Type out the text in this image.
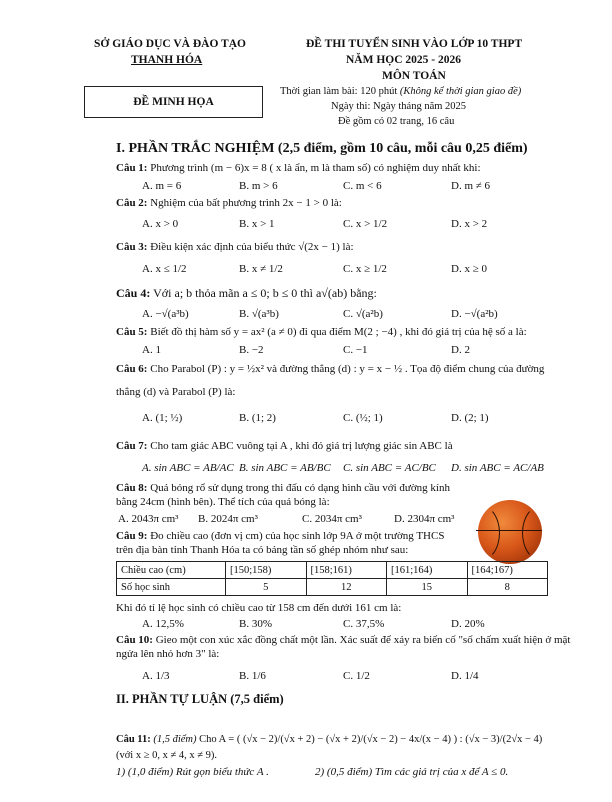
SỞ GIÁO DỤC VÀ ĐÀO TẠO
THANH HÓA
ĐỀ THI TUYỂN SINH VÀO LỚP 10 THPT
NĂM HỌC 2025 - 2026
MÔN TOÁN
Thời gian làm bài: 120 phút (Không kể thời gian giao đề)
Ngày thi: Ngày tháng năm 2025
Đề gồm có 02 trang, 16 câu
ĐỀ MINH HỌA
I. PHẦN TRẮC NGHIỆM (2,5 điểm, gồm 10 câu, mỗi câu 0,25 điểm)
Câu 1: Phương trình (m − 6)x = 8 ( x là ẩn, m là tham số) có nghiệm duy nhất khi:
A. m = 6	B. m > 6	C. m < 6	D. m ≠ 6
Câu 2: Nghiệm của bất phương trình 2x − 1 > 0 là:
A. x > 0	B. x > 1	C. x > 1/2	D. x > 2
Câu 3: Điều kiện xác định của biểu thức √(2x − 1) là:
A. x ≤ 1/2	B. x ≠ 1/2	C. x ≥ 1/2	D. x ≥ 0
Câu 4: Với a; b thỏa mãn a ≤ 0; b ≤ 0 thì a√(ab) bằng:
A. −√(a³b)	B. √(a³b)	C. √(a²b)	D. −√(a²b)
Câu 5: Biết đồ thị hàm số y = ax² (a ≠ 0) đi qua điểm M(2 ; −4) , khi đó giá trị của hệ số a là:
A. 1	B. −2	C. −1	D. 2
Câu 6: Cho Parabol (P) : y = ½x² và đường thẳng (d) : y = x − ½ . Tọa độ điểm chung của đường
thẳng (d) và Parabol (P) là:
A. (1; ½)	B. (1; 2)	C. (½; 1)	D. (2; 1)
Câu 7: Cho tam giác ABC vuông tại A , khi đó giá trị lượng giác sin ABC là
A. sin ABC = AB/AC B. sin ABC = AB/BC C. sin ABC = AC/BC D. sin ABC = AC/AB
Câu 8: Quả bóng rổ sử dụng trong thi đấu có dạng hình cầu với đường kính
bằng 24cm (hình bên). Thể tích của quả bóng là:
A. 2043π cm³ B. 2024π cm³	C. 2034π cm³	D. 2304π cm³
Câu 9: Đo chiều cao (đơn vị cm) của học sinh lớp 9A ở một trường THCS
trên địa bàn tỉnh Thanh Hóa ta có bảng tần số ghép nhóm như sau:
Chiều cao (cm)	[150;158)	[158;161)	[161;164)	[164;167)
Số học sinh	5	12	15	8
Khi đó tỉ lệ học sinh có chiều cao từ 158 cm đến dưới 161 cm là:
A. 12,5%	B. 30%	C. 37,5%	D. 20%
Câu 10: Gieo một con xúc xắc đồng chất một lần. Xác suất để xảy ra biến cố "số chấm xuất hiện ở mặt
ngửa lên nhỏ hơn 3" là:
A. 1/3	B. 1/6	C. 1/2	D. 1/4
II. PHẦN TỰ LUẬN (7,5 điểm)
Câu 11: (1,5 điểm) Cho A = ( (√x − 2)/(√x + 2) − (√x + 2)/(√x − 2) − 4x/(x − 4) ) : (√x − 3)/(2√x − 4)
(với x ≥ 0, x ≠ 4, x ≠ 9).
1) (1,0 điểm) Rút gọn biểu thức A .	2) (0,5 điểm) Tìm các giá trị của x để A ≤ 0.
